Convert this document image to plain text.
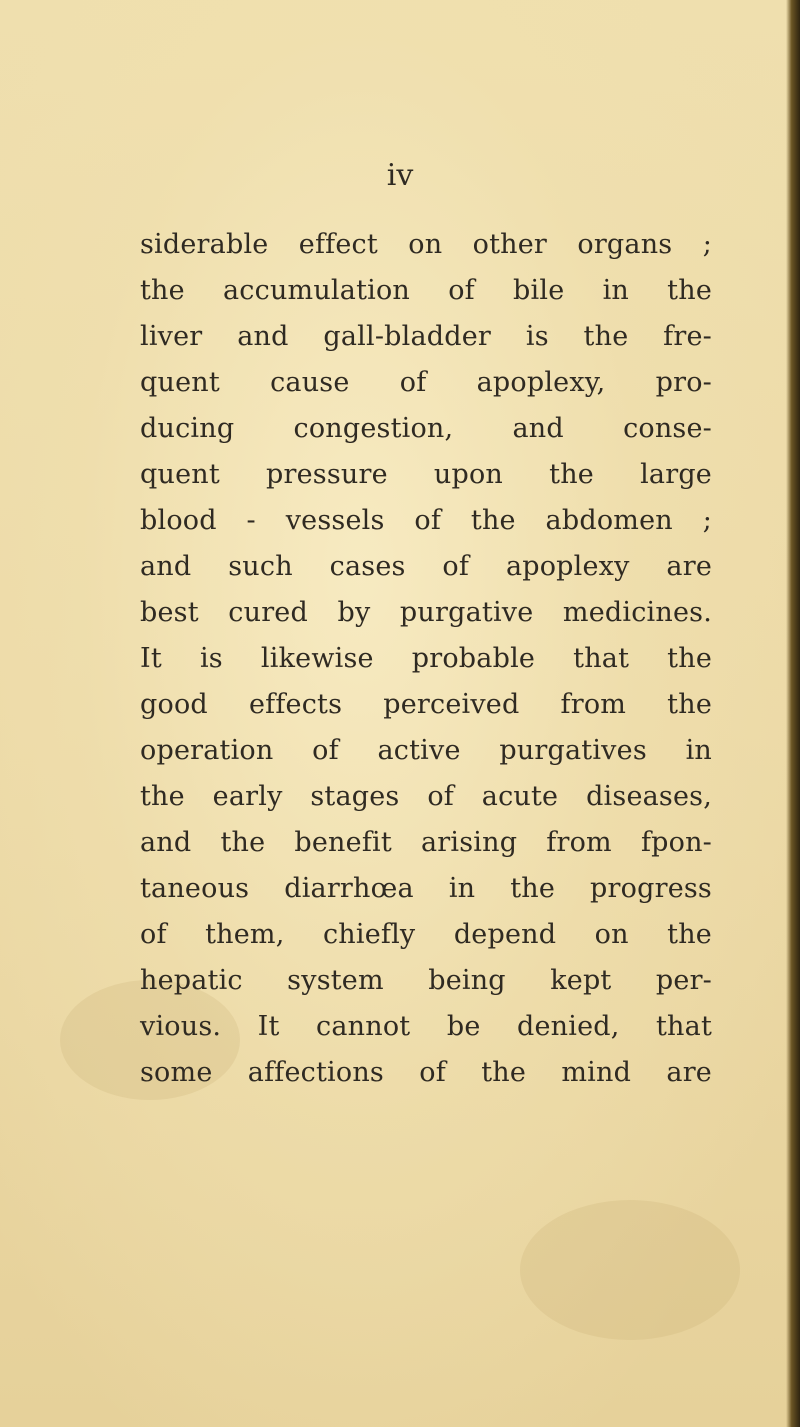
iv

siderable effect on other organs ;
the accumulation of bile in the
liver and gall-bladder is the fre-
quent cause of apoplexy, pro-
ducing congestion, and conse-
quent pressure upon the large
blood - vessels of the abdomen ;
and such cases of apoplexy are
best cured by purgative medicines.
It is likewise probable that the
good effects perceived from the
operation of active purgatives in
the early stages of acute diseases,
and the benefit arising from fpon-
taneous diarrhœa in the progress
of them, chiefly depend on the
hepatic system being kept per-
vious. It cannot be denied, that
some affections of the mind are
